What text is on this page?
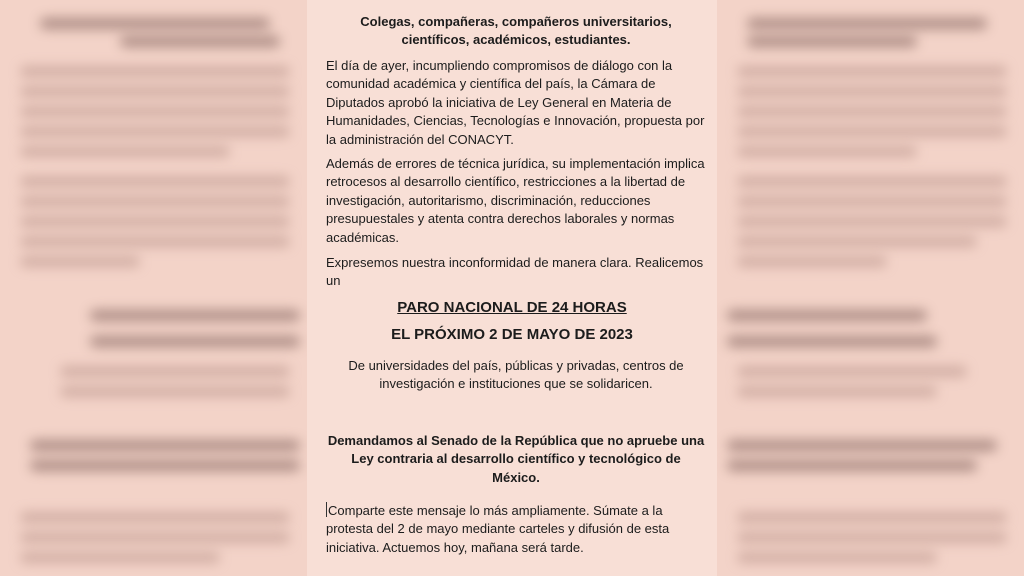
Colegas, compañeras, compañeros universitarios, científicos, académicos, estudiantes.

El día de ayer, incumpliendo compromisos de diálogo con la comunidad académica y científica del país, la Cámara de Diputados aprobó la iniciativa de Ley General en Materia de Humanidades, Ciencias, Tecnologías e Innovación, propuesta por la administración del CONACYT.

Además de errores de técnica jurídica, su implementación implica retrocesos al desarrollo científico, restricciones a la libertad de investigación, autoritarismo, discriminación, reducciones presupuestales y atenta contra derechos laborales y normas académicas.

Expresemos nuestra inconformidad de manera clara. Realicemos un

PARO NACIONAL DE 24 HORAS

EL PRÓXIMO 2 DE MAYO DE 2023

De universidades del país, públicas y privadas, centros de investigación e instituciones que se solidaricen.

Demandamos al Senado de la República que no apruebe una Ley contraria al desarrollo científico y tecnológico de México.

Comparte este mensaje lo más ampliamente. Súmate a la protesta del 2 de mayo mediante carteles y difusión de esta iniciativa. Actuemos hoy, mañana será tarde.
